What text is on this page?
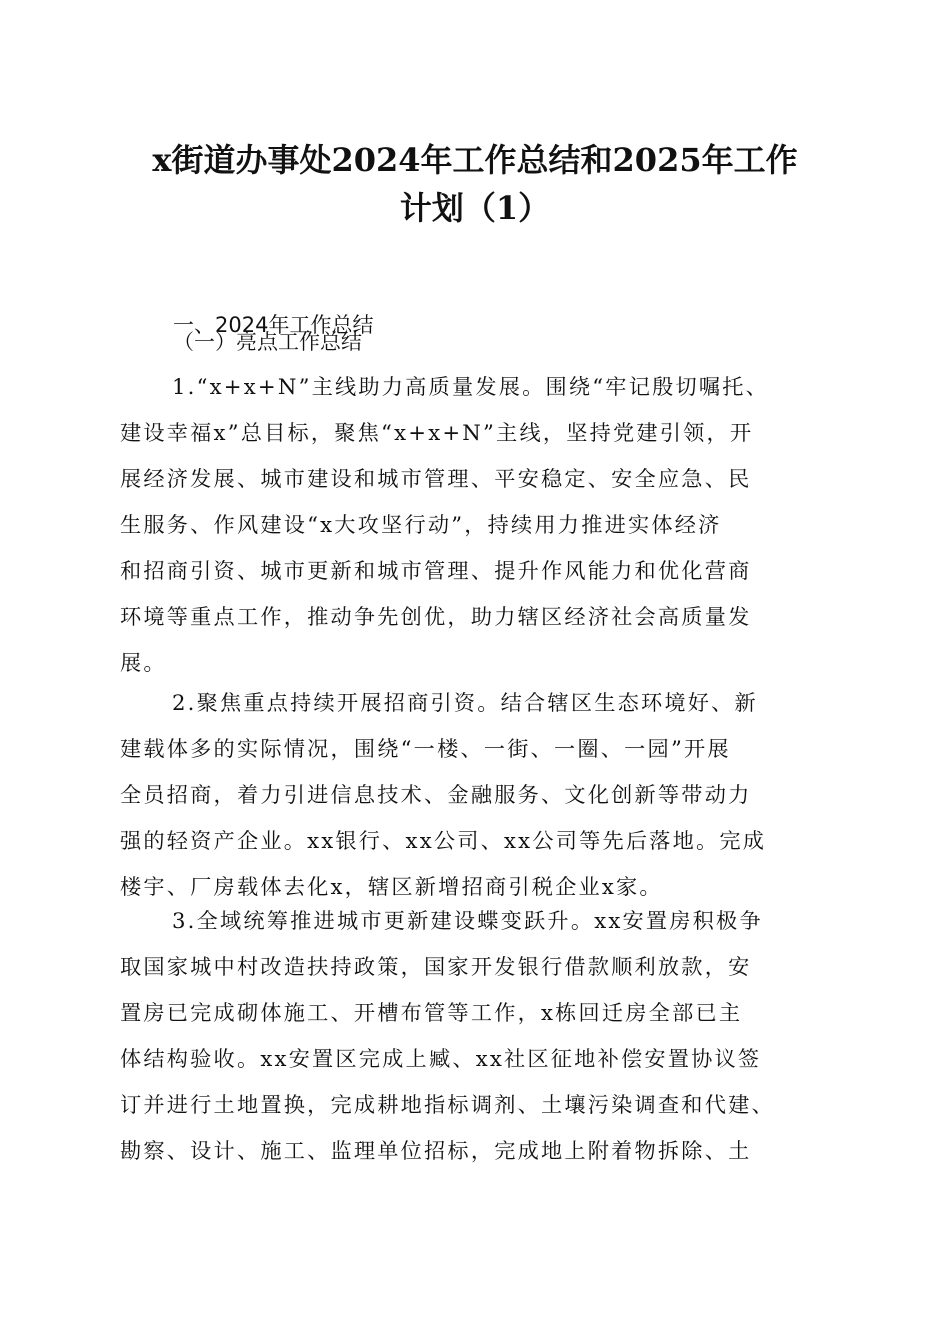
x街道办事处2024年工作总结和2025年工作
计划（1）
一、2024年工作总结
（一）亮点工作总结

1.“x+x+N”主线助力高质量发展。围绕“牢记殷切嘱托、
建设幸福x”总目标，聚焦“x+x+N”主线，坚持党建引领，开
展经济发展、城市建设和城市管理、平安稳定、安全应急、民
生服务、作风建设“x大攻坚行动”，持续用力推进实体经济
和招商引资、城市更新和城市管理、提升作风能力和优化营商
环境等重点工作，推动争先创优，助力辖区经济社会高质量发
展。

2.聚焦重点持续开展招商引资。结合辖区生态环境好、新
建载体多的实际情况，围绕“一楼、一街、一圈、一园”开展
全员招商，着力引进信息技术、金融服务、文化创新等带动力
强的轻资产企业。xx银行、xx公司、xx公司等先后落地。完成
楼宇、厂房载体去化x，辖区新增招商引税企业x家。

3.全域统筹推进城市更新建设蝶变跃升。xx安置房积极争
取国家城中村改造扶持政策，国家开发银行借款顺利放款，安
置房已完成砌体施工、开槽布管等工作，x栋回迁房全部已主
体结构验收。xx安置区完成上臧、xx社区征地补偿安置协议签
订并进行土地置换，完成耕地指标调剂、土壤污染调查和代建、
勘察、设计、施工、监理单位招标，完成地上附着物拆除、土
